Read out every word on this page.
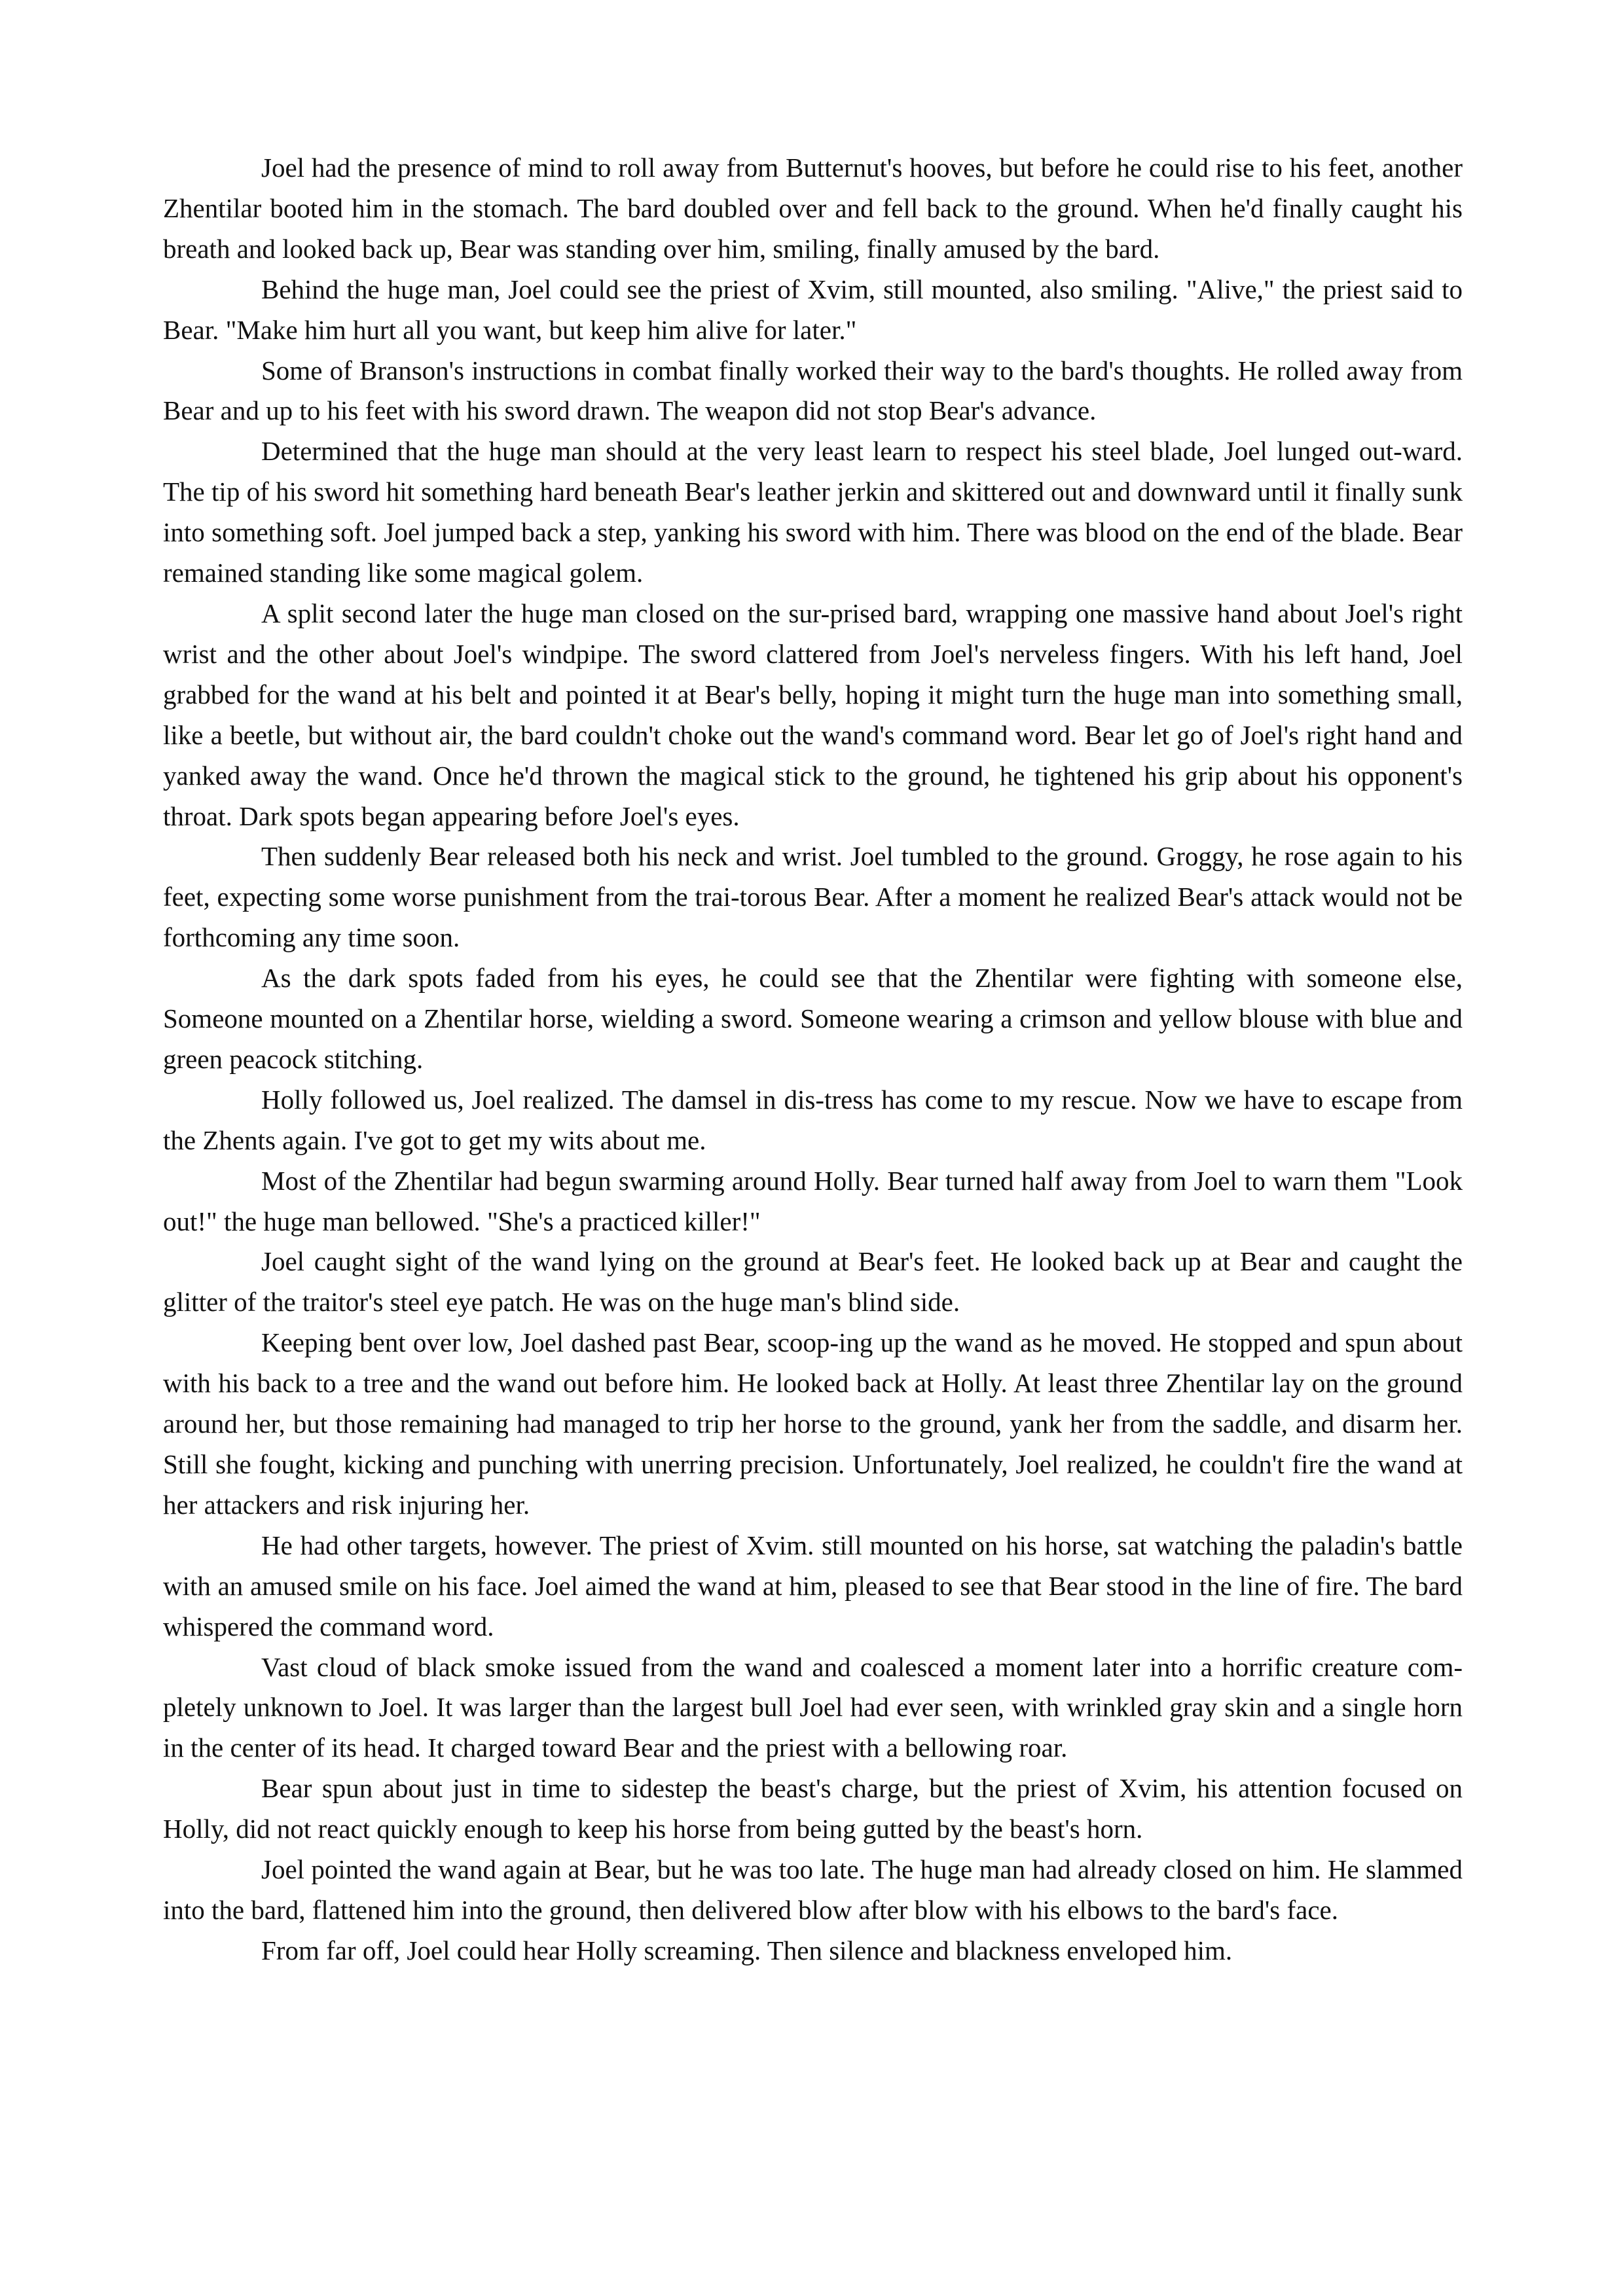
Joel had the presence of mind to roll away from Butternut's hooves, but before he could rise to his feet, another Zhentilar booted him in the stomach. The bard doubled over and fell back to the ground. When he'd finally caught his breath and looked back up, Bear was standing over him, smiling, finally amused by the bard.

Behind the huge man, Joel could see the priest of Xvim, still mounted, also smiling. "Alive," the priest said to Bear. "Make him hurt all you want, but keep him alive for later."

Some of Branson's instructions in combat finally worked their way to the bard's thoughts. He rolled away from Bear and up to his feet with his sword drawn. The weapon did not stop Bear's advance.

Determined that the huge man should at the very least learn to respect his steel blade, Joel lunged out-ward. The tip of his sword hit something hard beneath Bear's leather jerkin and skittered out and downward until it finally sunk into something soft. Joel jumped back a step, yanking his sword with him. There was blood on the end of the blade. Bear remained standing like some magical golem.

A split second later the huge man closed on the sur-prised bard, wrapping one massive hand about Joel's right wrist and the other about Joel's windpipe. The sword clattered from Joel's nerveless fingers. With his left hand, Joel grabbed for the wand at his belt and pointed it at Bear's belly, hoping it might turn the huge man into something small, like a beetle, but without air, the bard couldn't choke out the wand's command word. Bear let go of Joel's right hand and yanked away the wand. Once he'd thrown the magical stick to the ground, he tightened his grip about his opponent's throat. Dark spots began appearing before Joel's eyes.

Then suddenly Bear released both his neck and wrist. Joel tumbled to the ground. Groggy, he rose again to his feet, expecting some worse punishment from the trai-torous Bear. After a moment he realized Bear's attack would not be forthcoming any time soon.

As the dark spots faded from his eyes, he could see that the Zhentilar were fighting with someone else, Someone mounted on a Zhentilar horse, wielding a sword. Someone wearing a crimson and yellow blouse with blue and green peacock stitching.

Holly followed us, Joel realized. The damsel in dis-tress has come to my rescue. Now we have to escape from the Zhents again. I've got to get my wits about me.

Most of the Zhentilar had begun swarming around Holly. Bear turned half away from Joel to warn them "Look out!" the huge man bellowed. "She's a practiced killer!"

Joel caught sight of the wand lying on the ground at Bear's feet. He looked back up at Bear and caught the glitter of the traitor's steel eye patch. He was on the huge man's blind side.

Keeping bent over low, Joel dashed past Bear, scoop-ing up the wand as he moved. He stopped and spun about with his back to a tree and the wand out before him. He looked back at Holly. At least three Zhentilar lay on the ground around her, but those remaining had managed to trip her horse to the ground, yank her from the saddle, and disarm her. Still she fought, kicking and punching with unerring precision. Unfortunately, Joel realized, he couldn't fire the wand at her attackers and risk injuring her.

He had other targets, however. The priest of Xvim. still mounted on his horse, sat watching the paladin's battle with an amused smile on his face. Joel aimed the wand at him, pleased to see that Bear stood in the line of fire. The bard whispered the command word.

Vast cloud of black smoke issued from the wand and coalesced a moment later into a horrific creature com-pletely unknown to Joel. It was larger than the largest bull Joel had ever seen, with wrinkled gray skin and a single horn in the center of its head. It charged toward Bear and the priest with a bellowing roar.

Bear spun about just in time to sidestep the beast's charge, but the priest of Xvim, his attention focused on Holly, did not react quickly enough to keep his horse from being gutted by the beast's horn.

Joel pointed the wand again at Bear, but he was too late. The huge man had already closed on him. He slammed into the bard, flattened him into the ground, then delivered blow after blow with his elbows to the bard's face.

From far off, Joel could hear Holly screaming. Then silence and blackness enveloped him.
